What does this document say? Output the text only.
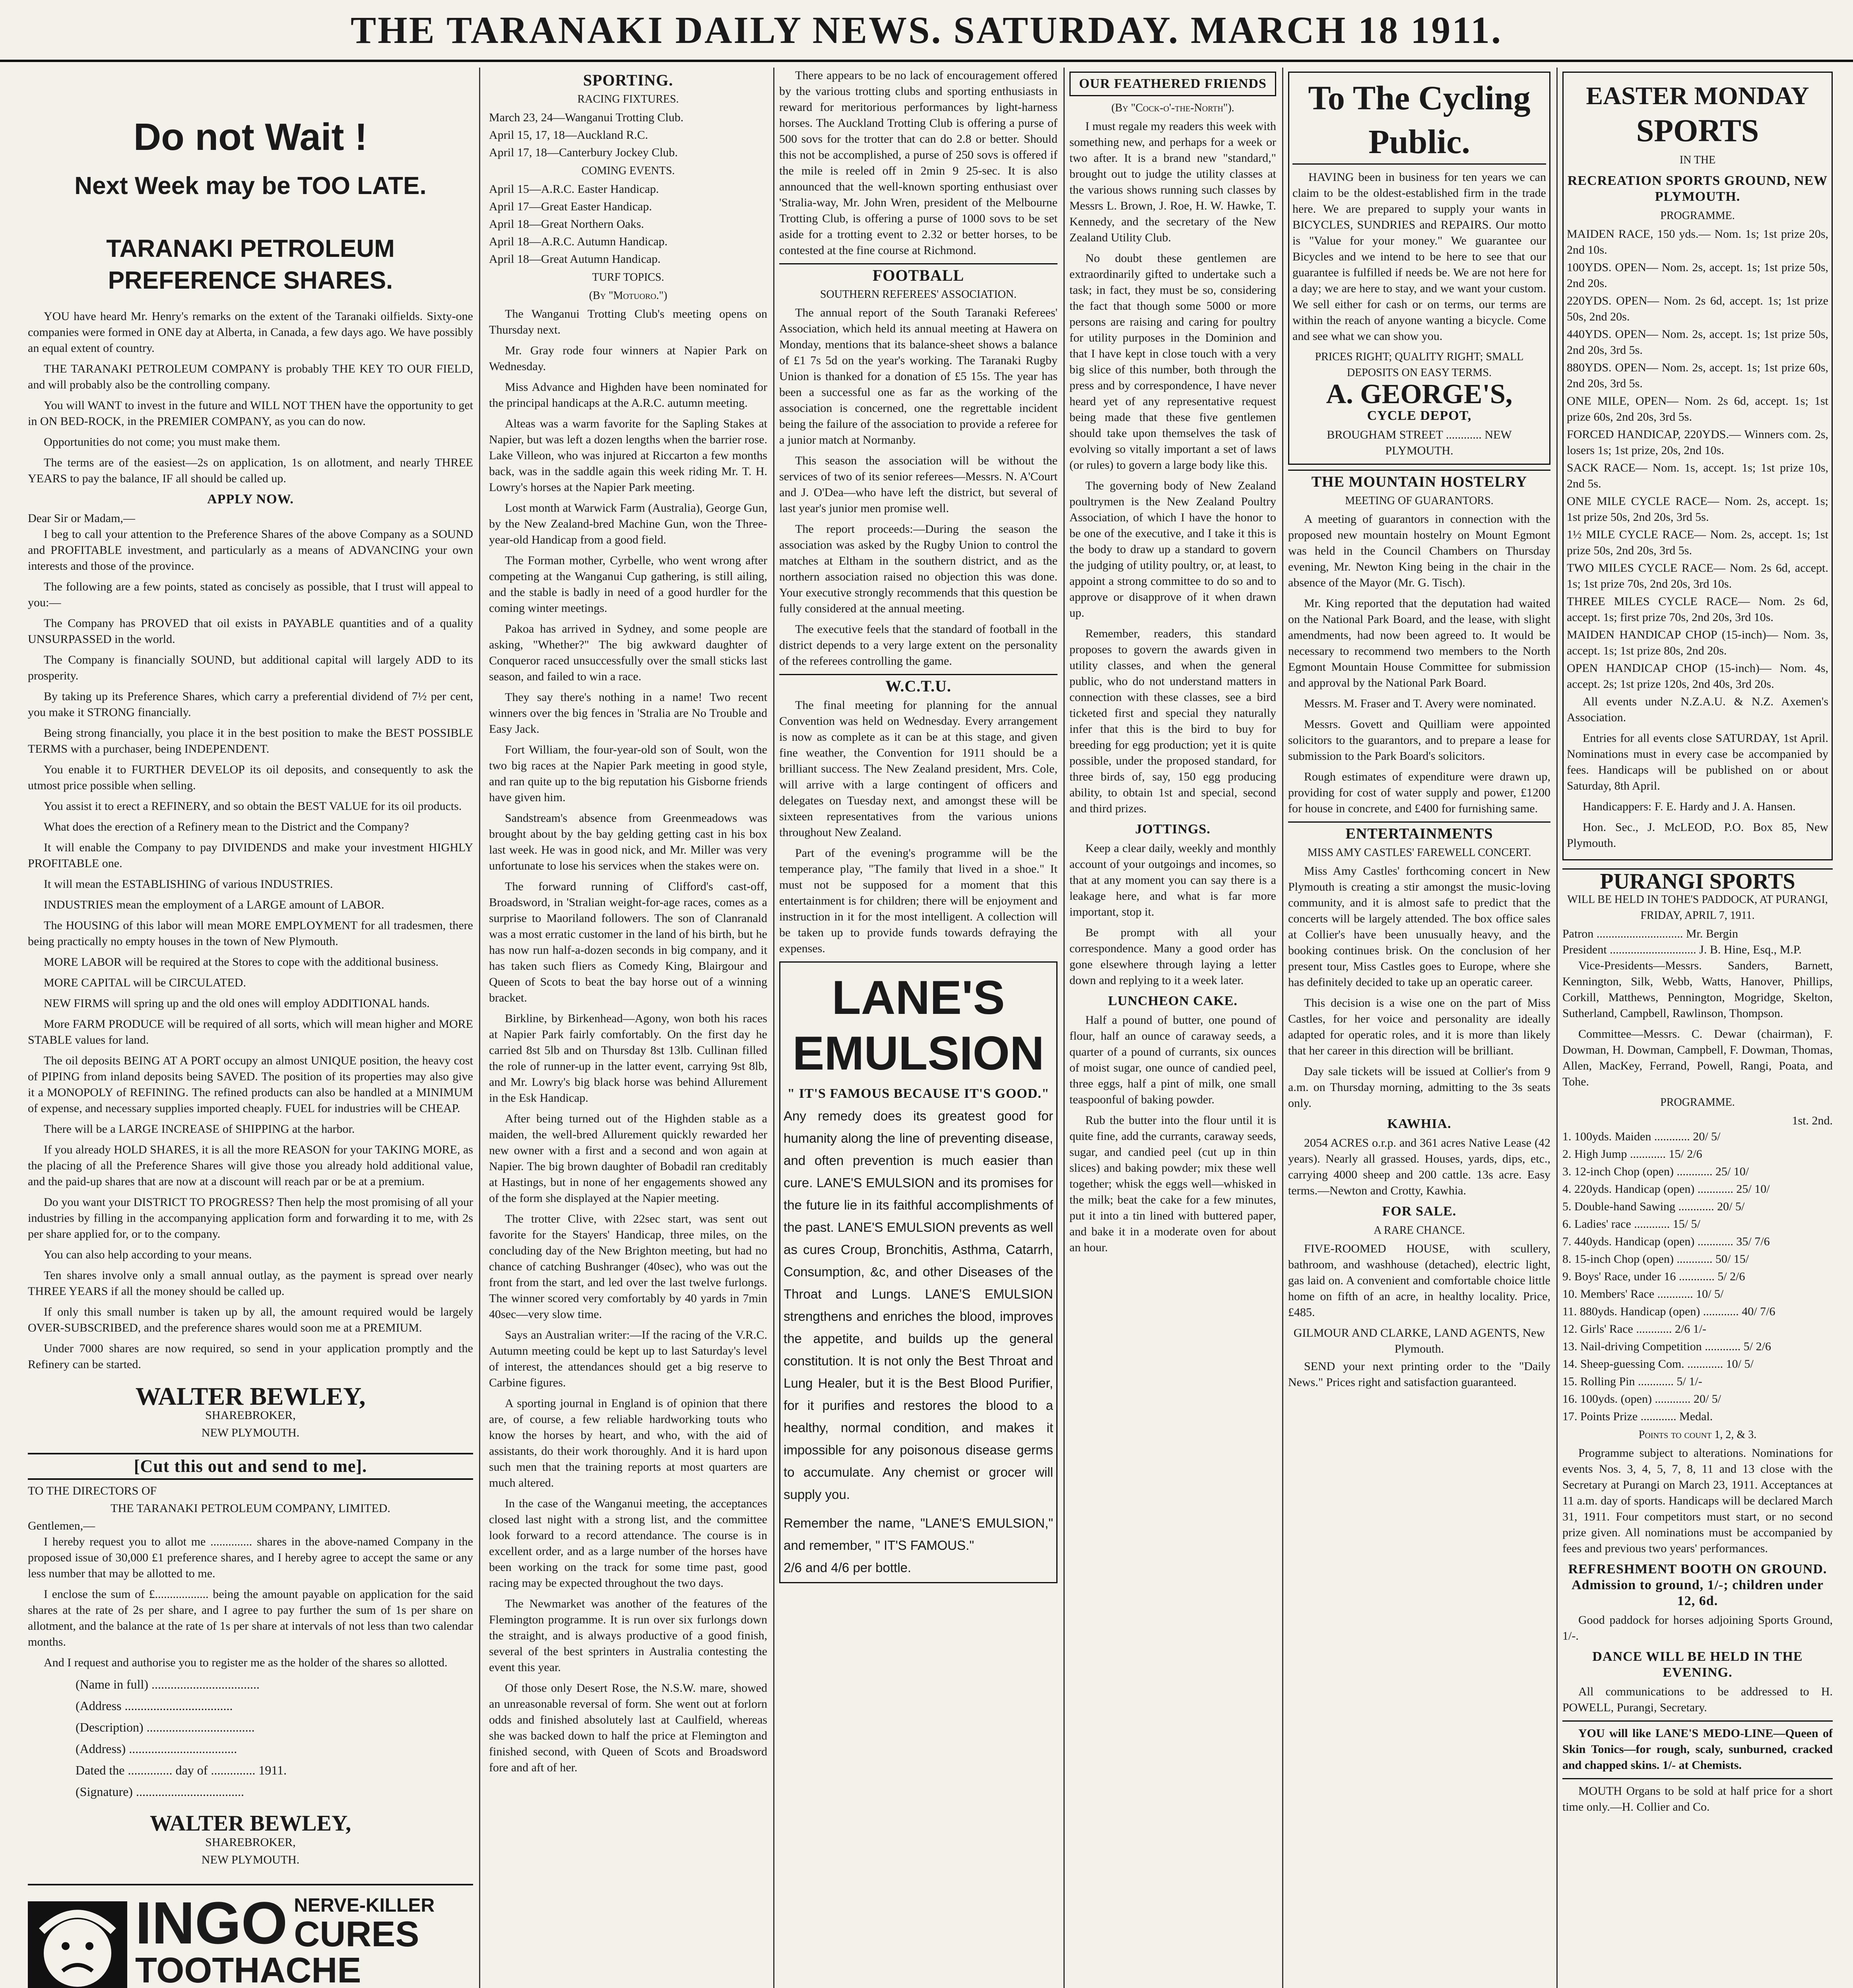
THE TARANAKI DAILY NEWS. SATURDAY. MARCH 18 1911.
Do not Wait !
Next Week may be TOO LATE.
TARANAKI PETROLEUM PREFERENCE SHARES.

YOU have heard Mr. Henry's remarks on the extent of the Taranaki oilfields. Sixty-one companies were formed in ONE day at Alberta, in Canada, a few days ago. We have possibly an equal extent of country.

THE TARANAKI PETROLEUM COMPANY is probably THE KEY TO OUR FIELD, and will probably also be the controlling company.

You will WANT to invest in the future and WILL NOT THEN have the opportunity to get in ON BED-ROCK, in the PREMIER COMPANY, as you can do now.

Opportunities do not come; you must make them.

The terms are of the easiest—2s on application, 1s on allotment, and nearly THREE YEARS to pay the balance, IF all should be called up.

APPLY NOW.
Dear Sir or Madam,—

I beg to call your attention to the Preference Shares of the above Company as a SOUND and PROFITABLE investment, and particularly as a means of ADVANCING your own interests and those of the province.

The following are a few points, stated as concisely as possible, that I trust will appeal to you:—

The Company has PROVED that oil exists in PAYABLE quantities and of a quality UNSURPASSED in the world.

The Company is financially SOUND, but additional capital will largely ADD to its prosperity.

By taking up its Preference Shares, which carry a preferential dividend of 7½ per cent, you make it STRONG financially.

Being strong financially, you place it in the best position to make the BEST POSSIBLE TERMS with a purchaser, being INDEPENDENT.

You enable it to FURTHER DEVELOP its oil deposits, and consequently to ask the utmost price possible when selling.

You assist it to erect a REFINERY, and so obtain the BEST VALUE for its oil products.

What does the erection of a Refinery mean to the District and the Company?

It will enable the Company to pay DIVIDENDS and make your investment HIGHLY PROFITABLE one.

It will mean the ESTABLISHING of various INDUSTRIES.

INDUSTRIES mean the employment of a LARGE amount of LABOR.

The HOUSING of this labor will mean MORE EMPLOYMENT for all tradesmen, there being practically no empty houses in the town of New Plymouth.

MORE LABOR will be required at the Stores to cope with the additional business.

MORE CAPITAL will be CIRCULATED.

NEW FIRMS will spring up and the old ones will employ ADDITIONAL hands.

More FARM PRODUCE will be required of all sorts, which will mean higher and MORE STABLE values for land.

The oil deposits BEING AT A PORT occupy an almost UNIQUE position, the heavy cost of PIPING from inland deposits being SAVED. The position of its properties may also give it a MONOPOLY of REFINING. The refined products can also be handled at a MINIMUM of expense, and necessary supplies imported cheaply. FUEL for industries will be CHEAP.

There will be a LARGE INCREASE of SHIPPING at the harbor.

If you already HOLD SHARES, it is all the more REASON for your TAKING MORE, as the placing of all the Preference Shares will give those you already hold additional value, and the paid-up shares that are now at a discount will reach par or be at a premium.

Do you want your DISTRICT TO PROGRESS? Then help the most promising of all your industries by filling in the accompanying application form and forwarding it to me, with 2s per share applied for, or to the company.

You can also help according to your means.

Ten shares involve only a small annual outlay, as the payment is spread over nearly THREE YEARS if all the money should be called up.

If only this small number is taken up by all, the amount required would be largely OVER-SUBSCRIBED, and the preference shares would soon me at a PREMIUM.

Under 7000 shares are now required, so send in your application promptly and the Refinery can be started.

WALTER BEWLEY,
SHAREBROKER,
NEW PLYMOUTH.
[Cut this out and send to me].
TO THE DIRECTORS OF
THE TARANAKI PETROLEUM COMPANY, LIMITED.
Gentlemen,—

I hereby request you to allot me .............. shares in the above-named Company in the proposed issue of 30,000 £1 preference shares, and I hereby agree to accept the same or any less number that may be allotted to me.

I enclose the sum of £.................. being the amount payable on application for the said shares at the rate of 2s per share, and I agree to pay further the sum of 1s per share on allotment, and the balance at the rate of 1s per share at intervals of not less than two calendar months.

And I request and authorise you to register me as the holder of the shares so allotted.

(Name in full) ..................................
(Address ..................................
(Description) ..................................
(Address) ..................................
Dated the .............. day of .............. 1911.
(Signature) ..................................
WALTER BEWLEY,
SHAREBROKER,
NEW PLYMOUTH.
INGO NERVE-KILLER
CURES
TOOTHACHE
SPORTING.
RACING FIXTURES.
March 23, 24—Wanganui Trotting Club.
April 15, 17, 18—Auckland R.C.
April 17, 18—Canterbury Jockey Club.
COMING EVENTS.
April 15—A.R.C. Easter Handicap.
April 17—Great Easter Handicap.
April 18—Great Northern Oaks.
April 18—A.R.C. Autumn Handicap.
April 18—Great Autumn Handicap.
TURF TOPICS.
(By "Motuoro.")

The Wanganui Trotting Club's meeting opens on Thursday next.

Mr. Gray rode four winners at Napier Park on Wednesday.

Miss Advance and Highden have been nominated for the principal handicaps at the A.R.C. autumn meeting.

Alteas was a warm favorite for the Sapling Stakes at Napier, but was left a dozen lengths when the barrier rose. Lake Villeon, who was injured at Riccarton a few months back, was in the saddle again this week riding Mr. T. H. Lowry's horses at the Napier Park meeting.

Lost month at Warwick Farm (Australia), George Gun, by the New Zealand-bred Machine Gun, won the Three-year-old Handicap from a good field.

The Forman mother, Cyrbelle, who went wrong after competing at the Wanganui Cup gathering, is still ailing, and the stable is badly in need of a good hurdler for the coming winter meetings.

Pakoa has arrived in Sydney, and some people are asking, "Whether?" The big awkward daughter of Conqueror raced unsuccessfully over the small sticks last season, and failed to win a race.

They say there's nothing in a name! Two recent winners over the big fences in 'Stralia are No Trouble and Easy Jack.

Fort William, the four-year-old son of Soult, won the two big races at the Napier Park meeting in good style, and ran quite up to the big reputation his Gisborne friends have given him.

Sandstream's absence from Greenmeadows was brought about by the bay gelding getting cast in his box last week. He was in good nick, and Mr. Miller was very unfortunate to lose his services when the stakes were on.

The forward running of Clifford's cast-off, Broadsword, in 'Stralian weight-for-age races, comes as a surprise to Maoriland followers. The son of Clanranald was a most erratic customer in the land of his birth, but he has now run half-a-dozen seconds in big company, and it has taken such fliers as Comedy King, Blairgour and Queen of Scots to beat the bay horse out of a winning bracket.

Birkline, by Birkenhead—Agony, won both his races at Napier Park fairly comfortably. On the first day he carried 8st 5lb and on Thursday 8st 13lb. Cullinan filled the role of runner-up in the latter event, carrying 9st 8lb, and Mr. Lowry's big black horse was behind Allurement in the Esk Handicap.

After being turned out of the Highden stable as a maiden, the well-bred Allurement quickly rewarded her new owner with a first and a second and won again at Napier. The big brown daughter of Bobadil ran creditably at Hastings, but in none of her engagements showed any of the form she displayed at the Napier meeting.

The trotter Clive, with 22sec start, was sent out favorite for the Stayers' Handicap, three miles, on the concluding day of the New Brighton meeting, but had no chance of catching Bushranger (40sec), who was out the front from the start, and led over the last twelve furlongs. The winner scored very comfortably by 40 yards in 7min 40sec—very slow time.

Says an Australian writer:—If the racing of the V.R.C. Autumn meeting could be kept up to last Saturday's level of interest, the attendances should get a big reserve to Carbine figures.

A sporting journal in England is of opinion that there are, of course, a few reliable hardworking touts who know the horses by heart, and who, with the aid of assistants, do their work thoroughly. And it is hard upon such men that the training reports at most quarters are much altered.

In the case of the Wanganui meeting, the acceptances closed last night with a strong list, and the committee look forward to a record attendance. The course is in excellent order, and as a large number of the horses have been working on the track for some time past, good racing may be expected throughout the two days.

The Newmarket was another of the features of the Flemington programme. It is run over six furlongs down the straight, and is always productive of a good finish, several of the best sprinters in Australia contesting the event this year.

Of those only Desert Rose, the N.S.W. mare, showed an unreasonable reversal of form. She went out at forlorn odds and finished absolutely last at Caulfield, whereas she was backed down to half the price at Flemington and finished second, with Queen of Scots and Broadsword fore and aft of her.

There appears to be no lack of encouragement offered by the various trotting clubs and sporting enthusiasts in reward for meritorious performances by light-harness horses. The Auckland Trotting Club is offering a purse of 500 sovs for the trotter that can do 2.8 or better. Should this not be accomplished, a purse of 250 sovs is offered if the mile is reeled off in 2min 9 25-sec. It is also announced that the well-known sporting enthusiast over 'Stralia-way, Mr. John Wren, president of the Melbourne Trotting Club, is offering a purse of 1000 sovs to be set aside for a trotting event to 2.32 or better horses, to be contested at the fine course at Richmond.

FOOTBALL
SOUTHERN REFEREES' ASSOCIATION.

The annual report of the South Taranaki Referees' Association, which held its annual meeting at Hawera on Monday, mentions that its balance-sheet shows a balance of £1 7s 5d on the year's working. The Taranaki Rugby Union is thanked for a donation of £5 15s. The year has been a successful one as far as the working of the association is concerned, one the regrettable incident being the failure of the association to provide a referee for a junior match at Normanby.

This season the association will be without the services of two of its senior referees—Messrs. N. A'Court and J. O'Dea—who have left the district, but several of last year's junior men promise well.

The report proceeds:—During the season the association was asked by the Rugby Union to control the matches at Eltham in the southern district, and as the northern association raised no objection this was done. Your executive strongly recommends that this question be fully considered at the annual meeting.

The executive feels that the standard of football in the district depends to a very large extent on the personality of the referees controlling the game.

W.C.T.U.

The final meeting for planning for the annual Convention was held on Wednesday. Every arrangement is now as complete as it can be at this stage, and given fine weather, the Convention for 1911 should be a brilliant success. The New Zealand president, Mrs. Cole, will arrive with a large contingent of officers and delegates on Tuesday next, and amongst these will be sixteen representatives from the various unions throughout New Zealand.

Part of the evening's programme will be the temperance play, "The family that lived in a shoe." It must not be supposed for a moment that this entertainment is for children; there will be enjoyment and instruction in it for the most intelligent. A collection will be taken up to provide funds towards defraying the expenses.

LANE'S EMULSION
" IT'S FAMOUS BECAUSE IT'S GOOD."
Any remedy does its greatest good for humanity along the line of preventing disease, and often prevention is much easier than cure. LANE'S EMULSION and its promises for the future lie in its faithful accomplishments of the past. LANE'S EMULSION prevents as well as cures Croup, Bronchitis, Asthma, Catarrh, Consumption, &c, and other Diseases of the Throat and Lungs. LANE'S EMULSION strengthens and enriches the blood, improves the appetite, and builds up the general constitution. It is not only the Best Throat and Lung Healer, but it is the Best Blood Purifier, for it purifies and restores the blood to a healthy, normal condition, and makes it impossible for any poisonous disease germs to accumulate. Any chemist or grocer will supply you.
Remember the name, "LANE'S EMULSION," and remember, " IT'S FAMOUS."
2/6 and 4/6 per bottle.
OUR FEATHERED FRIENDS
(By "Cock-o'-the-North").

I must regale my readers this week with something new, and perhaps for a week or two after. It is a brand new "standard," brought out to judge the utility classes at the various shows running such classes by Messrs L. Brown, J. Roe, H. W. Hawke, T. Kennedy, and the secretary of the New Zealand Utility Club.

No doubt these gentlemen are extraordinarily gifted to undertake such a task; in fact, they must be so, considering the fact that though some 5000 or more persons are raising and caring for poultry for utility purposes in the Dominion and that I have kept in close touch with a very big slice of this number, both through the press and by correspondence, I have never heard yet of any representative request being made that these five gentlemen should take upon themselves the task of evolving so vitally important a set of laws (or rules) to govern a large body like this.

The governing body of New Zealand poultrymen is the New Zealand Poultry Association, of which I have the honor to be one of the executive, and I take it this is the body to draw up a standard to govern the judging of utility poultry, or, at least, to appoint a strong committee to do so and to approve or disapprove of it when drawn up.

Remember, readers, this standard proposes to govern the awards given in utility classes, and when the general public, who do not understand matters in connection with these classes, see a bird ticketed first and special they naturally infer that this is the bird to buy for breeding for egg production; yet it is quite possible, under the proposed standard, for three birds of, say, 150 egg producing ability, to obtain 1st and special, second and third prizes.

JOTTINGS.

Keep a clear daily, weekly and monthly account of your outgoings and incomes, so that at any moment you can say there is a leakage here, and what is far more important, stop it.

Be prompt with all your correspondence. Many a good order has gone elsewhere through laying a letter down and replying to it a week later.

LUNCHEON CAKE.

Half a pound of butter, one pound of flour, half an ounce of caraway seeds, a quarter of a pound of currants, six ounces of moist sugar, one ounce of candied peel, three eggs, half a pint of milk, one small teaspoonful of baking powder.

Rub the butter into the flour until it is quite fine, add the currants, caraway seeds, sugar, and candied peel (cut up in thin slices) and baking powder; mix these well together; whisk the eggs well—whisked in the milk; beat the cake for a few minutes, put it into a tin lined with buttered paper, and bake it in a moderate oven for about an hour.

To The Cycling Public.

HAVING been in business for ten years we can claim to be the oldest-established firm in the trade here. We are prepared to supply your wants in BICYCLES, SUNDRIES and REPAIRS. Our motto is "Value for your money." We guarantee our Bicycles and we intend to be here to see that our guarantee is fulfilled if needs be. We are not here for a day; we are here to stay, and we want your custom. We sell either for cash or on terms, our terms are within the reach of anyone wanting a bicycle. Come and see what we can show you.

PRICES RIGHT; QUALITY RIGHT; SMALL DEPOSITS ON EASY TERMS.
A. GEORGE'S,
CYCLE DEPOT,
BROUGHAM STREET ............ NEW PLYMOUTH.
THE MOUNTAIN HOSTELRY
MEETING OF GUARANTORS.

A meeting of guarantors in connection with the proposed new mountain hostelry on Mount Egmont was held in the Council Chambers on Thursday evening, Mr. Newton King being in the chair in the absence of the Mayor (Mr. G. Tisch).

Mr. King reported that the deputation had waited on the National Park Board, and the lease, with slight amendments, had now been agreed to. It would be necessary to recommend two members to the North Egmont Mountain House Committee for submission and approval by the National Park Board.

Messrs. M. Fraser and T. Avery were nominated.

Messrs. Govett and Quilliam were appointed solicitors to the guarantors, and to prepare a lease for submission to the Park Board's solicitors.

Rough estimates of expenditure were drawn up, providing for cost of water supply and power, £1200 for house in concrete, and £400 for furnishing same.

ENTERTAINMENTS
MISS AMY CASTLES' FAREWELL CONCERT.

Miss Amy Castles' forthcoming concert in New Plymouth is creating a stir amongst the music-loving community, and it is almost safe to predict that the concerts will be largely attended. The box office sales at Collier's have been unusually heavy, and the booking continues brisk. On the conclusion of her present tour, Miss Castles goes to Europe, where she has definitely decided to take up an operatic career.

This decision is a wise one on the part of Miss Castles, for her voice and personality are ideally adapted for operatic roles, and it is more than likely that her career in this direction will be brilliant.

Day sale tickets will be issued at Collier's from 9 a.m. on Thursday morning, admitting to the 3s seats only.

KAWHIA.

2054 ACRES o.r.p. and 361 acres Native Lease (42 years). Nearly all grassed. Houses, yards, dips, etc., carrying 4000 sheep and 200 cattle. 13s acre. Easy terms.—Newton and Crotty, Kawhia.

FOR SALE.
A RARE CHANCE.

FIVE-ROOMED HOUSE, with scullery, bathroom, and washhouse (detached), electric light, gas laid on. A convenient and comfortable choice little home on fifth of an acre, in healthy locality. Price, £485.

GILMOUR AND CLARKE, LAND AGENTS, New Plymouth.

SEND your next printing order to the "Daily News." Prices right and satisfaction guaranteed.

EASTER MONDAY
SPORTS
IN THE
RECREATION SPORTS GROUND, NEW PLYMOUTH.
PROGRAMME.
MAIDEN RACE, 150 yds.— Nom. 1s; 1st prize 20s, 2nd 10s.
100YDS. OPEN— Nom. 2s, accept. 1s; 1st prize 50s, 2nd 20s.
220YDS. OPEN— Nom. 2s 6d, accept. 1s; 1st prize 50s, 2nd 20s.
440YDS. OPEN— Nom. 2s, accept. 1s; 1st prize 50s, 2nd 20s, 3rd 5s.
880YDS. OPEN— Nom. 2s, accept. 1s; 1st prize 60s, 2nd 20s, 3rd 5s.
ONE MILE, OPEN— Nom. 2s 6d, accept. 1s; 1st prize 60s, 2nd 20s, 3rd 5s.
FORCED HANDICAP, 220YDS.— Winners com. 2s, losers 1s; 1st prize, 20s, 2nd 10s.
SACK RACE— Nom. 1s, accept. 1s; 1st prize 10s, 2nd 5s.
ONE MILE CYCLE RACE— Nom. 2s, accept. 1s; 1st prize 50s, 2nd 20s, 3rd 5s.
1½ MILE CYCLE RACE— Nom. 2s, accept. 1s; 1st prize 50s, 2nd 20s, 3rd 5s.
TWO MILES CYCLE RACE— Nom. 2s 6d, accept. 1s; 1st prize 70s, 2nd 20s, 3rd 10s.
THREE MILES CYCLE RACE— Nom. 2s 6d, accept. 1s; first prize 70s, 2nd 20s, 3rd 10s.
MAIDEN HANDICAP CHOP (15-inch)— Nom. 3s, accept. 1s; 1st prize 80s, 2nd 20s.
OPEN HANDICAP CHOP (15-inch)— Nom. 4s, accept. 2s; 1st prize 120s, 2nd 40s, 3rd 20s.

All events under N.Z.A.U. & N.Z. Axemen's Association.

Entries for all events close SATURDAY, 1st April. Nominations must in every case be accompanied by fees. Handicaps will be published on or about Saturday, 8th April.

Handicappers: F. E. Hardy and J. A. Hansen.

Hon. Sec., J. McLEOD, P.O. Box 85, New Plymouth.

PURANGI SPORTS
WILL BE HELD IN TOHE'S PADDOCK, AT PURANGI, FRIDAY, APRIL 7, 1911.
Patron ............................. Mr. Bergin
President ............................. J. B. Hine, Esq., M.P.

Vice-Presidents—Messrs. Sanders, Barnett, Kennington, Silk, Webb, Watts, Hanover, Phillips, Corkill, Matthews, Pennington, Mogridge, Skelton, Sutherland, Campbell, Rawlinson, Thompson.

Committee—Messrs. C. Dewar (chairman), F. Dowman, H. Dowman, Campbell, F. Dowman, Thomas, Allen, MacKey, Ferrand, Powell, Rangi, Poata, and Tohe.

PROGRAMME.
1st. 2nd.
1. 100yds. Maiden ............ 20/ 5/
2. High Jump ............ 15/ 2/6
3. 12-inch Chop (open) ............ 25/ 10/
4. 220yds. Handicap (open) ............ 25/ 10/
5. Double-hand Sawing ............ 20/ 5/
6. Ladies' race ............ 15/ 5/
7. 440yds. Handicap (open) ............ 35/ 7/6
8. 15-inch Chop (open) ............ 50/ 15/
9. Boys' Race, under 16 ............ 5/ 2/6
10. Members' Race ............ 10/ 5/
11. 880yds. Handicap (open) ............ 40/ 7/6
12. Girls' Race ............ 2/6 1/-
13. Nail-driving Competition ............ 5/ 2/6
14. Sheep-guessing Com. ............ 10/ 5/
15. Rolling Pin ............ 5/ 1/-
16. 100yds. (open) ............ 20/ 5/
17. Points Prize ............ Medal.
Points to count 1, 2, & 3.

Programme subject to alterations. Nominations for events Nos. 3, 4, 5, 7, 8, 11 and 13 close with the Secretary at Purangi on March 23, 1911. Acceptances at 11 a.m. day of sports. Handicaps will be declared March 31, 1911. Four competitors must start, or no second prize given. All nominations must be accompanied by fees and previous two years' performances.

REFRESHMENT BOOTH ON GROUND. Admission to ground, 1/-; children under 12, 6d.

Good paddock for horses adjoining Sports Ground, 1/-.

DANCE WILL BE HELD IN THE EVENING.

All communications to be addressed to H. POWELL, Purangi, Secretary.

YOU will like LANE'S MEDO-LINE—Queen of Skin Tonics—for rough, scaly, sunburned, cracked and chapped skins. 1/- at Chemists.

MOUTH Organs to be sold at half price for a short time only.—H. Collier and Co.
